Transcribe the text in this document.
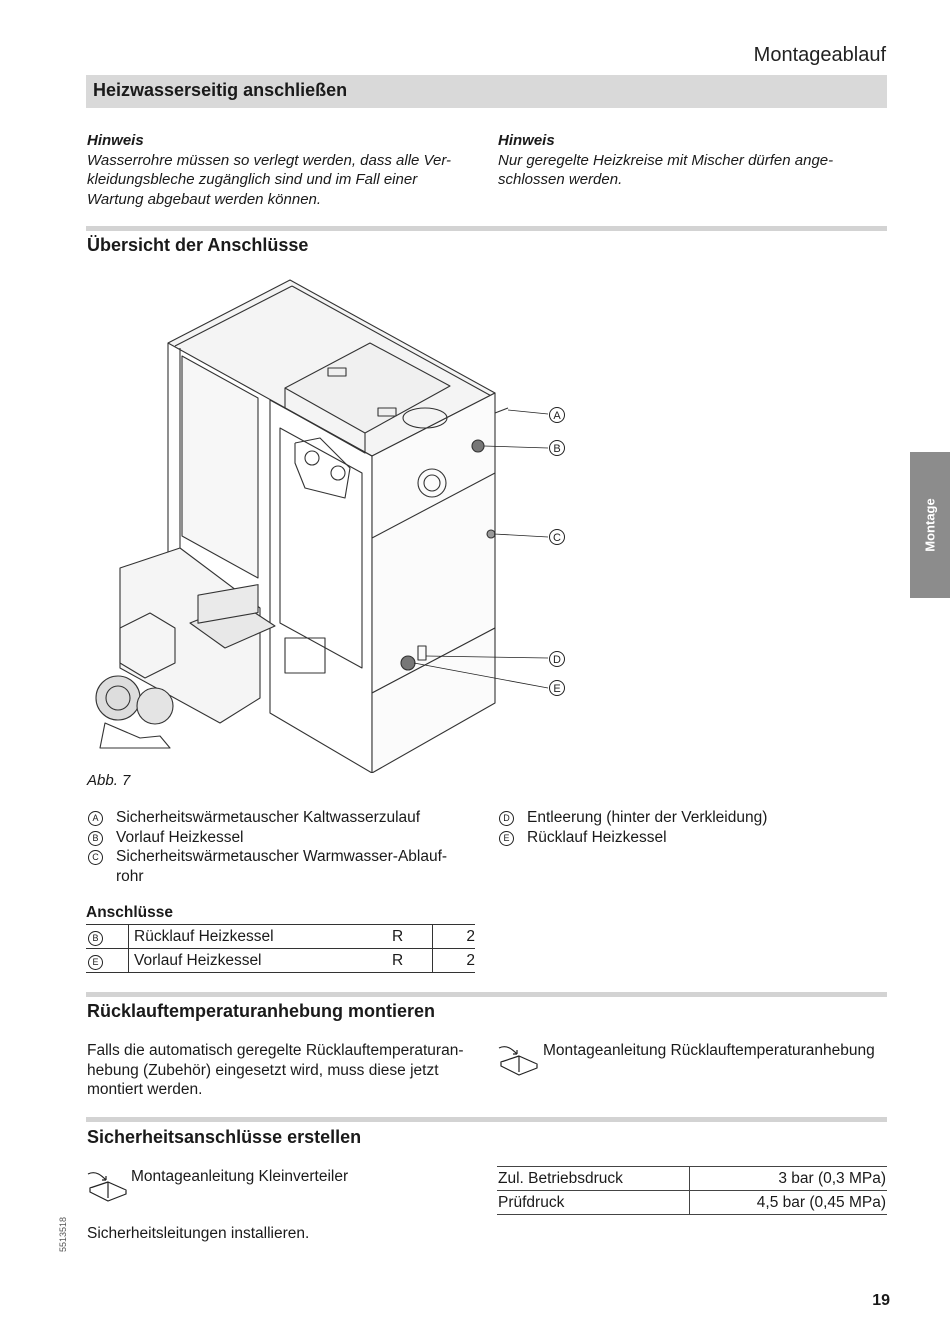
Montageablauf
Heizwasserseitig anschließen
Hinweis
Wasserrohre müssen so verlegt werden, dass alle Ver-
kleidungsbleche zugänglich sind und im Fall einer
Wartung abgebaut werden können.
Hinweis
Nur geregelte Heizkreise mit Mischer dürfen ange-
schlossen werden.
Übersicht der Anschlüsse
A
B
C
D
E
Montage
Abb. 7
A Sicherheitswärmetauscher Kaltwasserzulauf
B Vorlauf Heizkessel
C Sicherheitswärmetauscher Warmwasser-Ablauf-
rohr
D Entleerung (hinter der Verkleidung)
E Rücklauf Heizkessel
Anschlüsse
B	Rücklauf Heizkessel	R	2
E	Vorlauf Heizkessel	R	2
Rücklauftemperaturanhebung montieren
Falls die automatisch geregelte Rücklauftemperaturan-
hebung (Zubehör) eingesetzt wird, muss diese jetzt
montiert werden.
Montageanleitung Rücklauftemperaturanhebung
Sicherheitsanschlüsse erstellen
Montageanleitung Kleinverteiler
Sicherheitsleitungen installieren.
Zul. Betriebsdruck	3 bar (0,3 MPa)
Prüfdruck	4,5 bar (0,45 MPa)
5513518
19
